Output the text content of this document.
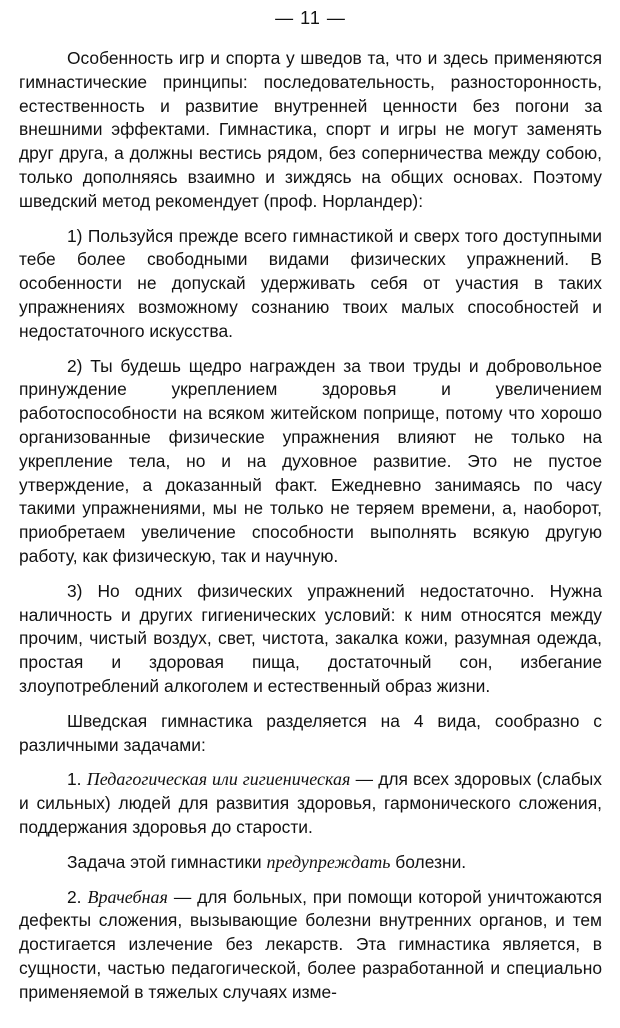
— 11 —

Особенность игр и спорта у шведов та, что и здесь применяются гимнастические принципы: последовательность, разносторонность, естественность и развитие внутренней ценности без погони за внешними эффектами. Гимнастика, спорт и игры не могут заменять друг друга, а должны вестись рядом, без соперничества между собою, только дополняясь взаимно и зиждясь на общих основах. Поэтому шведский метод рекомендует (проф. Норландер):

1) Пользуйся прежде всего гимнастикой и сверх того доступными тебе более свободными видами физических упражнений. В особенности не допускай удерживать себя от участия в таких упражнениях возможному сознанию твоих малых способностей и недостаточного искусства.

2) Ты будешь щедро награжден за твои труды и добровольное принуждение укреплением здоровья и увеличением работоспособности на всяком житейском поприще, потому что хорошо организованные физические упражнения влияют не только на укрепление тела, но и на духовное развитие. Это не пустое утверждение, а доказанный факт. Ежедневно занимаясь по часу такими упражнениями, мы не только не теряем времени, а, наоборот, приобретаем увеличение способности выполнять всякую другую работу, как физическую, так и научную.

3) Но одних физических упражнений недостаточно. Нужна наличность и других гигиенических условий: к ним относятся между прочим, чистый воздух, свет, чистота, закалка кожи, разумная одежда, простая и здоровая пища, достаточный сон, избегание злоупотреблений алкоголем и естественный образ жизни.

Шведская гимнастика разделяется на 4 вида, сообразно с различными задачами:

1. Педагогическая или гигиеническая — для всех здоровых (слабых и сильных) людей для развития здоровья, гармонического сложения, поддержания здоровья до старости.

Задача этой гимнастики предупреждать болезни.

2. Врачебная — для больных, при помощи которой уничтожаются дефекты сложения, вызывающие болезни внутренних органов, и тем достигается излечение без лекарств. Эта гимнастика является, в сущности, частью педагогической, более разработанной и специально применяемой в тяжелых случаях изме-
